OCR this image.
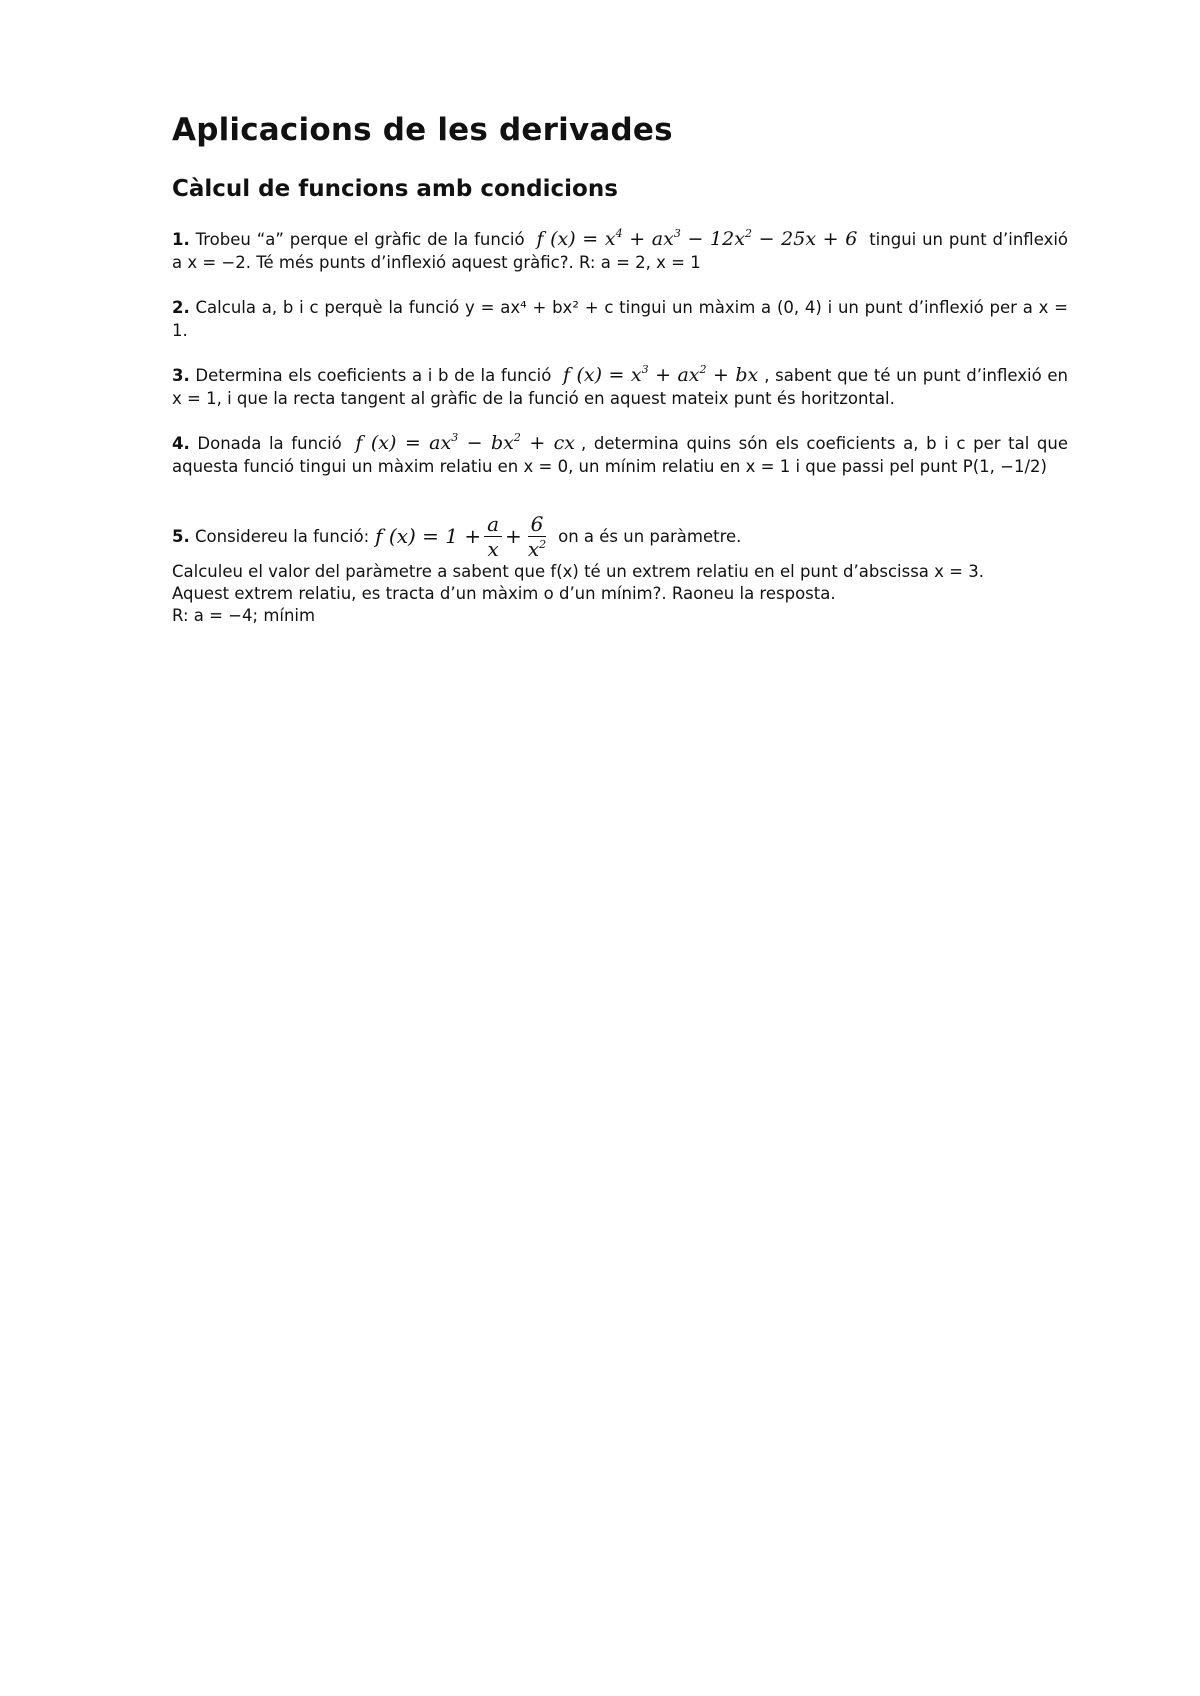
Aplicacions de les derivades
Càlcul de funcions amb condicions

1. Trobeu “a” perque el gràfic de la funció f $(x) = x^4 + ax^3 - 12x^2 - 25x + 6$ tingui un punt d’inflexió a x = −2. Té més punts d’inflexió aquest gràfic?. R: a = 2, x = 1

2. Calcula a, b i c perquè la funció y = ax⁴ + bx² + c tingui un màxim a (0, 4) i un punt d’inflexió per a x = 1.

3. Determina els coeficients a i b de la funció f $(x) = x^3 + ax^2$ + bx , sabent que té un punt d’inflexió en x = 1, i que la recta tangent al gràfic de la funció en aquest mateix punt és horitzontal.

4. Donada la funció f $(x) = ax^3 - bx^2$ + cx , determina quins són els coeficients a, b i c per tal que aquesta funció tingui un màxim relatiu en x = 0, un mínim relatiu en x = 1 i que passi pel punt P(1, −1/2)

5.
Considereu la funció: f $(x) = 1 + \frac{a}{x} + \frac{6}{x^2}$ on a és un paràmetre.

Calculeu el valor del paràmetre a sabent que f(x) té un extrem relatiu en el punt d’abscissa x = 3.

Aquest extrem relatiu, es tracta d’un màxim o d’un mínim?. Raoneu la resposta.

R: a = −4; mínim
